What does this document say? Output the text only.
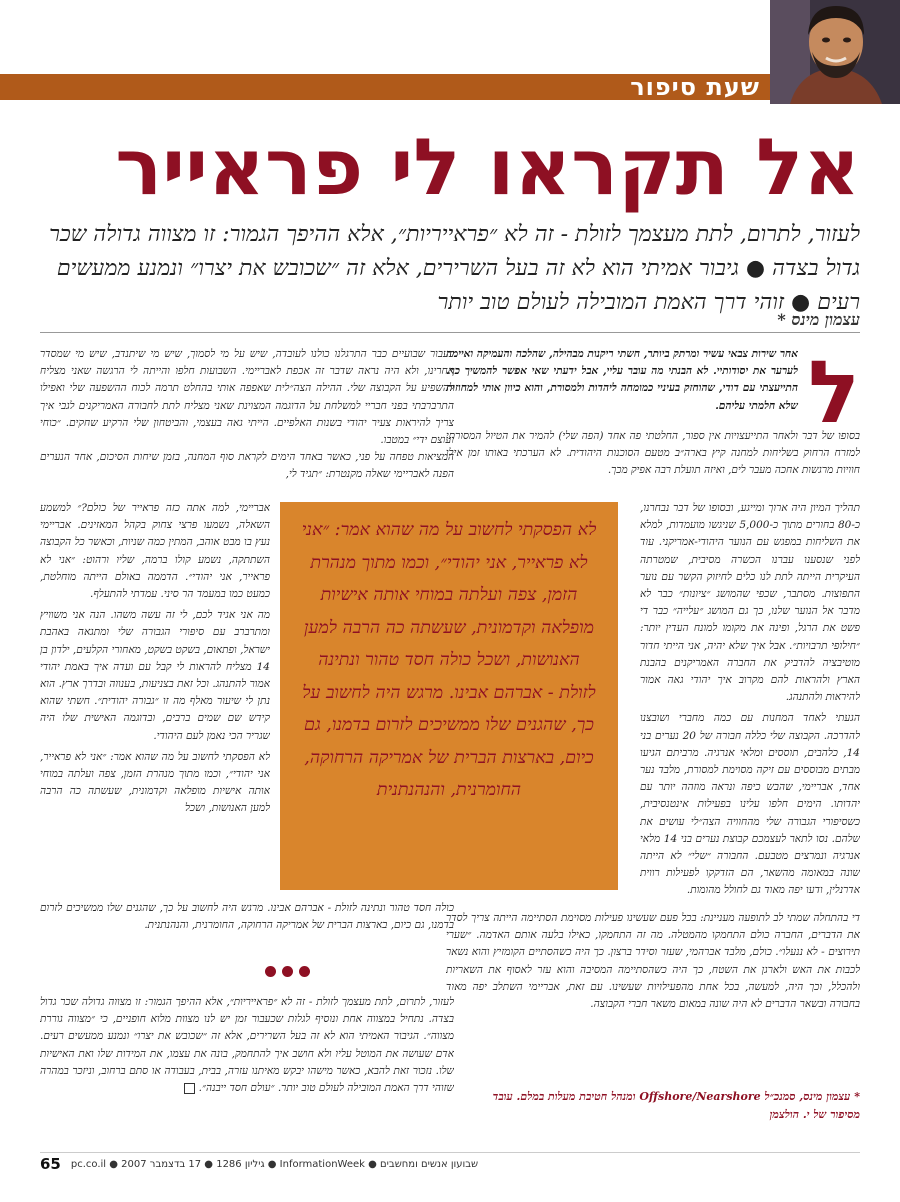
שעת סיפור
אל תקראו לי פראייר
לעזור, לתרום, לתת מעצמך לזולת - זה לא ״פראייריות״, אלא ההיפך הגמור: זו מצווה גדולה שכר גדול בצדה ● גיבור אמיתי הוא לא זה בעל השרירים, אלא זה ״שכובש את יצרו״ ונמנע ממעשים רעים ● זוהי דרך האמת המובילה לעולם טוב יותר
עצמון מינס *
ל
אחר שירות צבאי עשיר ומרתק ביותר, חשתי ריקנות מבהילה, שהלכה והעמיקה ואיימה לערער את יסודותיי. לא הבנתי מה עובר עליי, אבל ידעתי שאי אפשר להמשיך כך. התייעצתי עם דודי, שהוחזק בעיניי כמומחה ליהדות ולמסורת, והוא כיוון אותי למחוזות שלא חלמתי עליהם.

בסופו של דבר ולאחר התייעצויות אין ספור, החלטתי פה אחד (הפה שלי) להמיר את הטיול המסורתי למזרח הרחוק בשליחות למחנה קיץ בארה״ב מטעם הסוכנות היהודית. לא הערכתי באותו זמן אילו חוויות מרגשות אחכה מעבר לים, ואיזה תועלת רבה אפיק מכך.

תהליך המיון היה ארוך ומייגע, ובסופו של דבר נבחרנו, כ-80 בחורים מתוך כ-5,000 שניגשו מועמדות, למלא את השליחות במפגש עם הנוער היהודי-אמריקני. עוד לפני שנסענו עברנו הכשרה מסיבית, שמטרתה העיקרית הייתה לתת לנו כלים לחיזוק הקשר עם נוער התפוצות. מסתבר, שכפי שהמושג ״ציונות״ כבר לא מדבר אל הנוער שלנו, כך גם המושג ״עלייה״ כבר די פשט את הרגל, ופינה את מקומו למונח העדין יותר: ״חילופי תרבויות״. אבל איך שלא יהיה, אני הייתי חדור מוטיבציה להדביק את החברה האמריקנים בהבנת הארץ ולהראות להם מקרוב איך יהודי גאה אמור להיראות ולהתנהג.

הגעתי לאחד המחנות עם כמה מחברי ושובצנו להדרכה. הקבוצה שלי כללה חבורה של 20 נערים בני 14, כלהבים, תוססים ומלאי אנרגיה. מרביתם הגיעו מבתים מבוססים עם זיקה מסוימת למסורת, מלבד נער אחד, אבריימי, שהבש כיפה ונראה מוזהה יותר עם יהדותו. הימים חלפו עלינו בפעילות אינטנסיבית, כשסיפורי הגבורה שלי מהחוויה הצה״לי עושים את שלהם. נסו לתאר לעצמכם קבוצת נערים בני 14 מלאי אנרגיה ונמרצים מטבעם. החבורה ״שלי״ לא הייתה שונה במאומה מהשאר, הם הזדקקו לפעילות רווית אדרנלין, ודעו יפה מאוד גם לחולל מהומות.

די בהתחלה שמתי לב לתופעה מעניינת: בכל פעם שעשינו פעילות מסוימת הסתיימה הייתה צריך לסדר את הדברים, החברה כולם התחמקו מהמטלה. מה זה התחמקו, כאילו בלעה אותם האדמה. ״שערי תירוצים - לא ננעלו״. כולם, מלבד אברהמי, שעזר וסידר ברצון. כך היה כשהסתיים הקומזיץ והוא נשאר לכבות את האש ולארגן את השטח, כך היה כשהסתיימה המסיבה והוא עזר לאסוף את השאריות ולהכלל, וכך היה, למעשה, בכל אחת מהפעילויות שעשינו. עם זאת, אבריימי השתלב יפה מאוד בחבורה ובשאר הדברים לא היה שונה במאום משאר חברי הקבוצה.

כעבור שבועיים כבר התרגלנו כולנו לעובדה, שיש על מי לסמוך, שיש מי שיתנדב, שיש מי שמסדר אחרינו, ולא היה נראה שדבר זה אכפת לאבריימי. השבועות חלפו והייתה לי הרגשה שאני מצליח להשפיע על הקבוצה שלי. ההילה הצה״לית שאפפה אותי בהחלט תרמה לכוח ההשפעה שלי ואפילו התרברבתי בפני חבריי למשלחת על הדוגמה המצוינת שאני מצליח לתת לחבורה האמריקנים לגבי איך צריך להיראות צעיר יהודי בשנות האלפיים. הייתי גאה בעצמי, והביטחון שלי הרקיע שחקים. ״כוחי ועוצם ידי״ במטבו.

המציאות טפחה על פני, כאשר באחד הימים לקראת סוף המחנה, בזמן שיחות הסיכום, אחד הנערים הפנה לאבריימי שאלה מקנטרת: ״תגיד לי,

אבריימי, למה אתה כזה פראייר של כולם?״ למשמע השאלה, נשמעו פרצי צחוק בקהל המאזינים. אבריימי נעץ בו מבט אוהב, המתין כמה שניות, וכאשר כל הקבוצה השתתקה, נשמע קולו ברמה, שליו ורהוט: ״אני לא פראייר, אני יהודי״. הדממה באולם הייתה מוחלטת, כמעט כמו במעמד הר סיני. עמדתי להתעלף.

מה אני אגיד לכם, לי זה עשה משהו. הנה אני משוויץ ומתרברב עם סיפורי הגבורה שלי ומתגאה באהבת ישראל, ופתאום, בשקט בשקט, מאחורי הקלעים, ילדון בן 14 מצליח להראות לי קבל עם ועדה איך באמת יהודי אמור להתנהג. וכל זאת בצניעות, בענווה ובדרך ארץ. הוא נתן לי שיעור מאלף מה זו ״גבורה יהודית״. חשתי שהוא קידש שם שמים ברבים, ובדוגמה האישית שלו היה שגריר הכי נאמן לעם היהודי.

לא הפסקתי לחשוב על מה שהוא אמר: ״אני לא פראייר, אני יהודי״, וכמו מתוך מנהרת הזמן, צפה ועלתה במוחי אותה אישיות מופלאה וקדמונית, שעשתה כה הרבה למען האנושות, ושכל

כולה חסד טהור ונתינה לזולת - אברהם אבינו. מרגש היה לחשוב על כך, שהגנים שלו ממשיכים לזרום בדמנו, גם כיום, בארצות הברית של אמריקה הרחוקה, החומרנית, והנהנתנית.

לעזור, לתרום, לתת מעצמך לזולת - זה לא ״פראייריות״, אלא ההיפך הגמור: זו מצווה גדולה שכר גדול בצדה. נתחיל במצווה אחת ונוסיף לגלות שכעבור זמן יש לנו מצוות מלוא חופניים, כי ״מצווה גוררת מצווה״. הגיבור האמיתי הוא לא זה בעל השרירים, אלא זה ״שכובש את יצרו״ ונמנע ממעשים רעים. אדם שעושה את המוטל עליו ולא חושב איך להתחמק, בונה את עצמו, את המידות שלו ואת האישיות שלו. נזכור זאת להבא, כאשר מישהו יבקש מאיתנו עזרה, בבית, בעבודה או סתם ברחוב, וניזכר במהרה שזוהי דרך האמת המובילה לעולם טוב יותר. ״עולם חסד ייבנה״.

לא הפסקתי לחשוב על מה שהוא אמר: ״אני לא פראייר, אני יהודי״, וכמו מתוך מנהרת הזמן, צפה ועלתה במוחי אותה אישיות מופלאה וקדמונית, שעשתה כה הרבה למען האנושות, ושכל כולה חסד טהור ונתינה לזולת - אברהם אבינו. מרגש היה לחשוב על כך, שהגנים שלו ממשיכים לזרום בדמנו, גם כיום, בארצות הברית של אמריקה הרחוקה, החומרנית, והנהנתנית
* עצמון מינס, סמנכ״ל Offshore/Nearshore ומנהל חטיבת מעלות במלם. עובד מסיפור של י. הולצמן
65 שבועון אנשים ומחשבים ● InformationWeek ● גיליון 1286 ● 17 בדצמבר 2007 ● pc.co.il
